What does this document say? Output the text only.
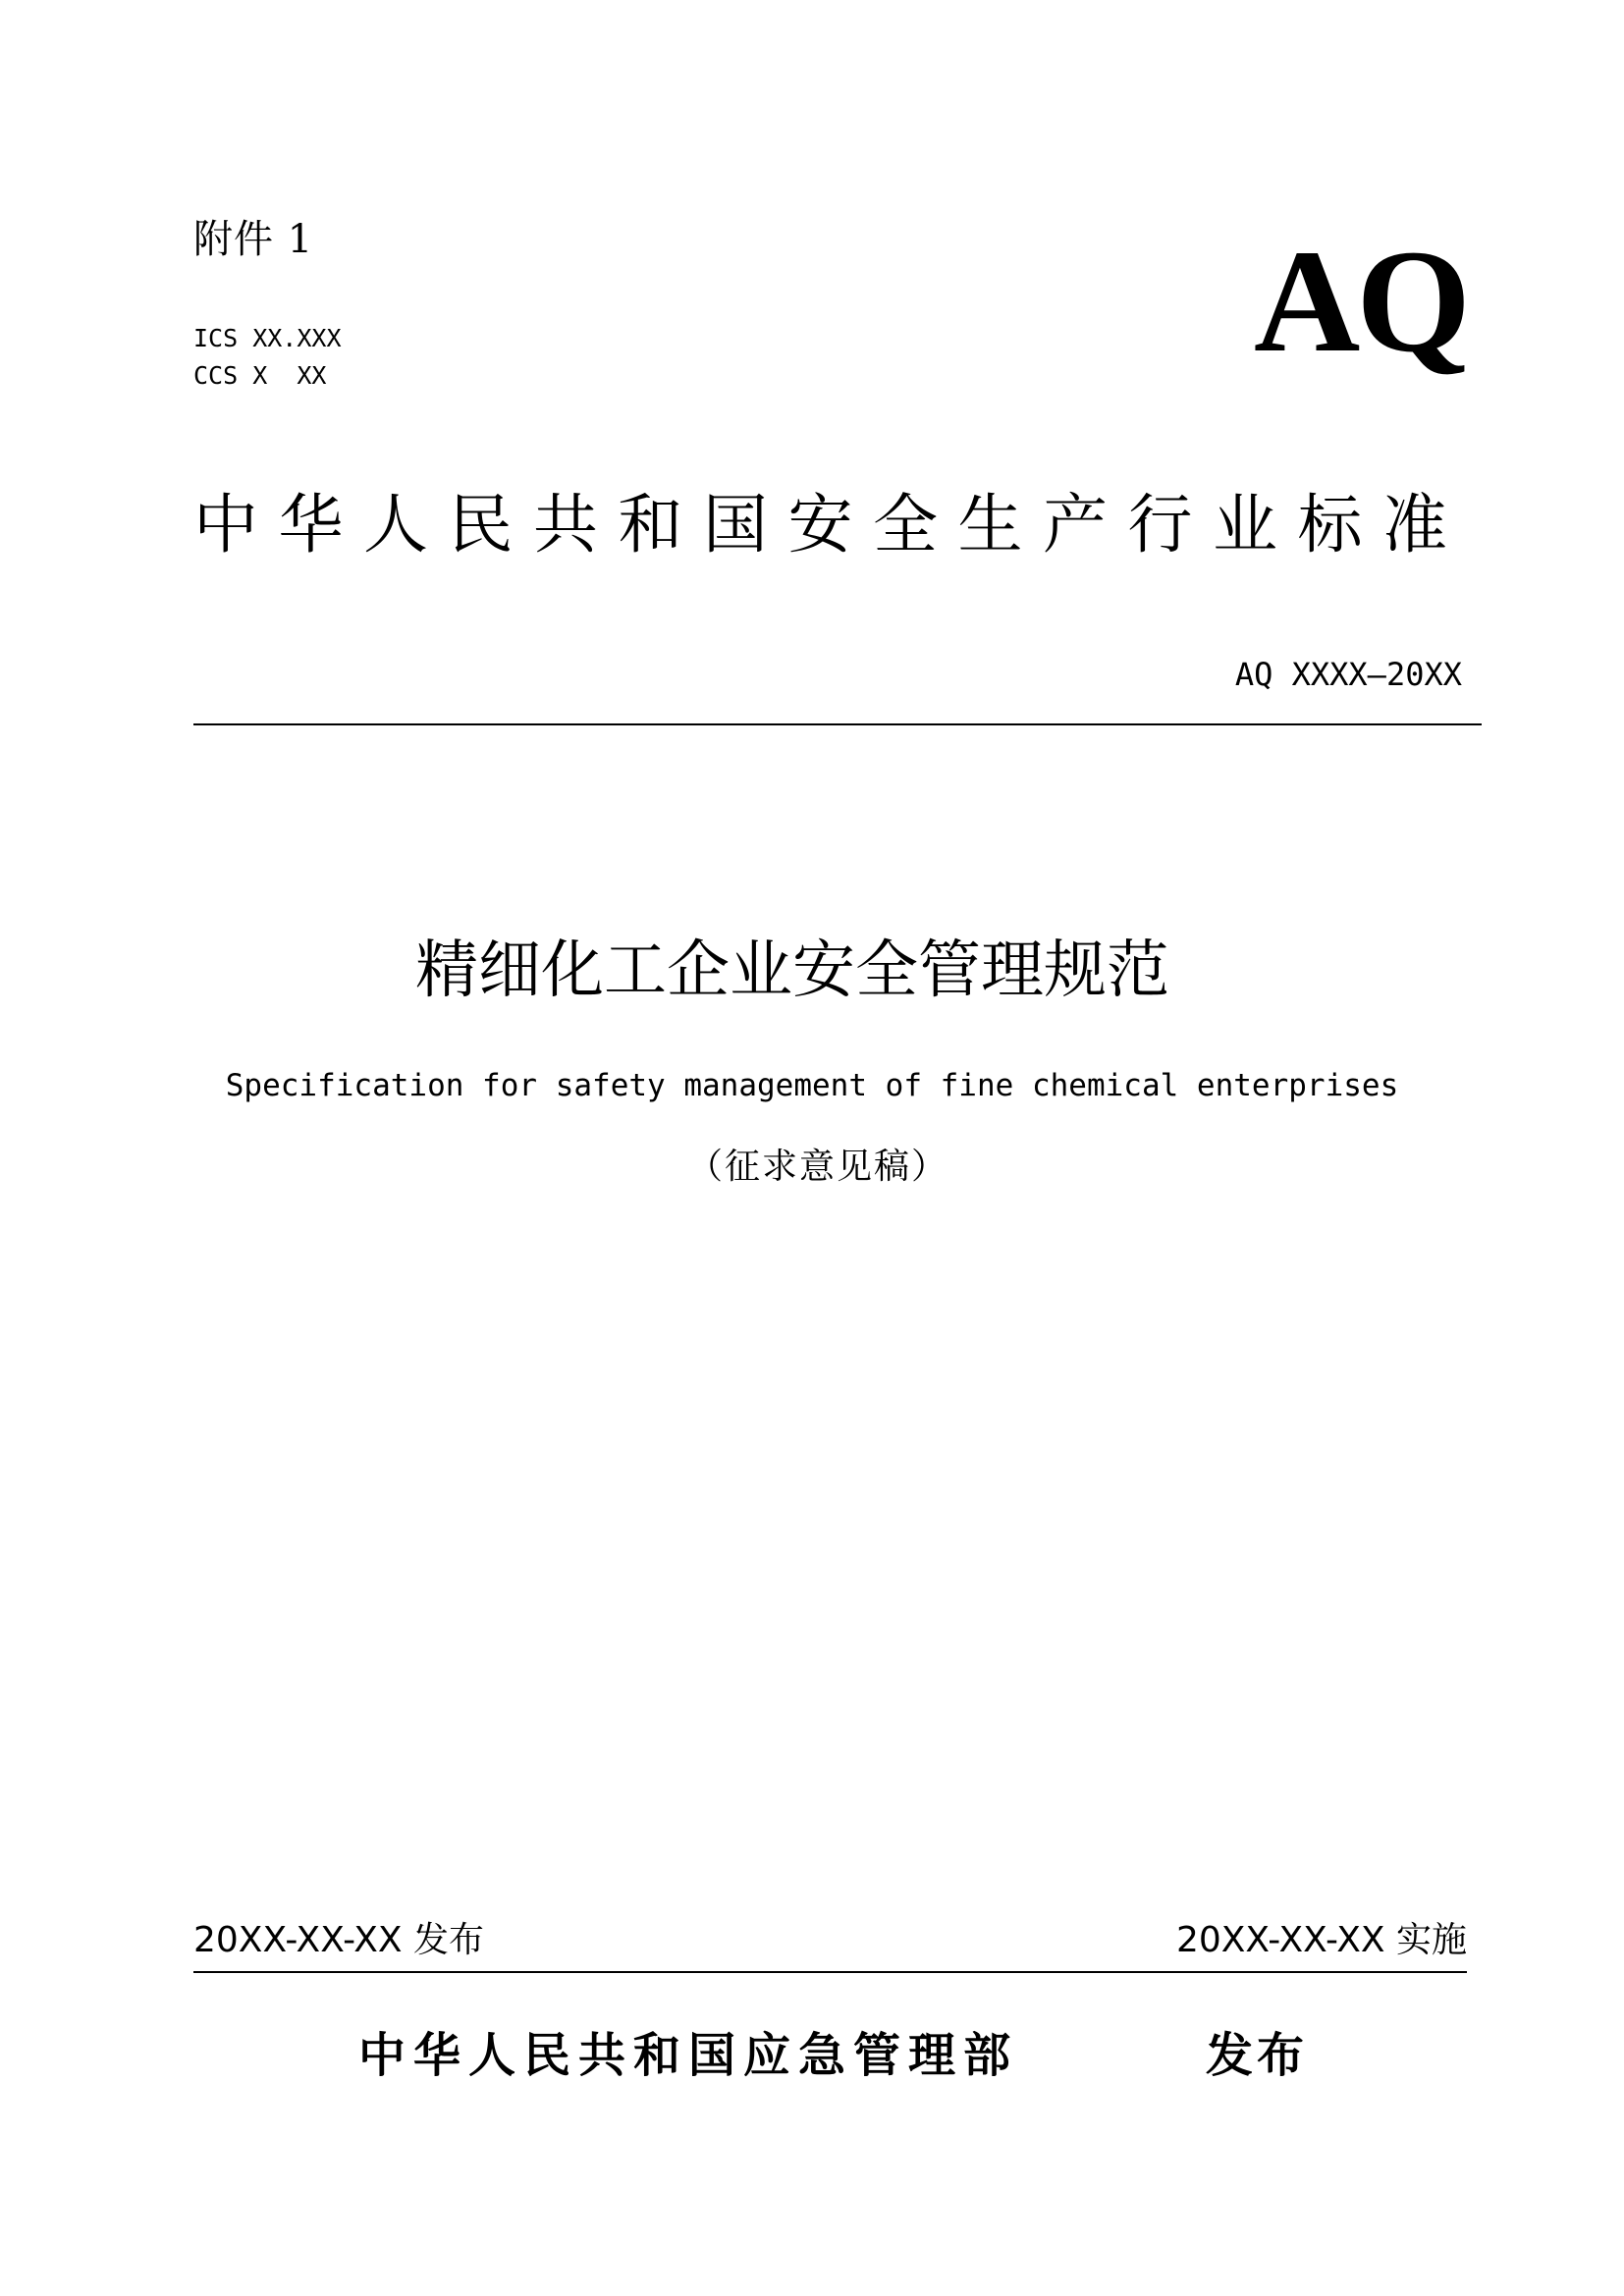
附件 1
ICS XX.XXX
CCS X  XX	AQ
中华人民共和国安全生产行业标准
AQ XXXX—20XX
精细化工企业安全管理规范
Specification for safety management of fine chemical enterprises
（征求意见稿）
20XX-XX-XX 发布	20XX-XX-XX 实施
中华人民共和国应急管理部	发布
